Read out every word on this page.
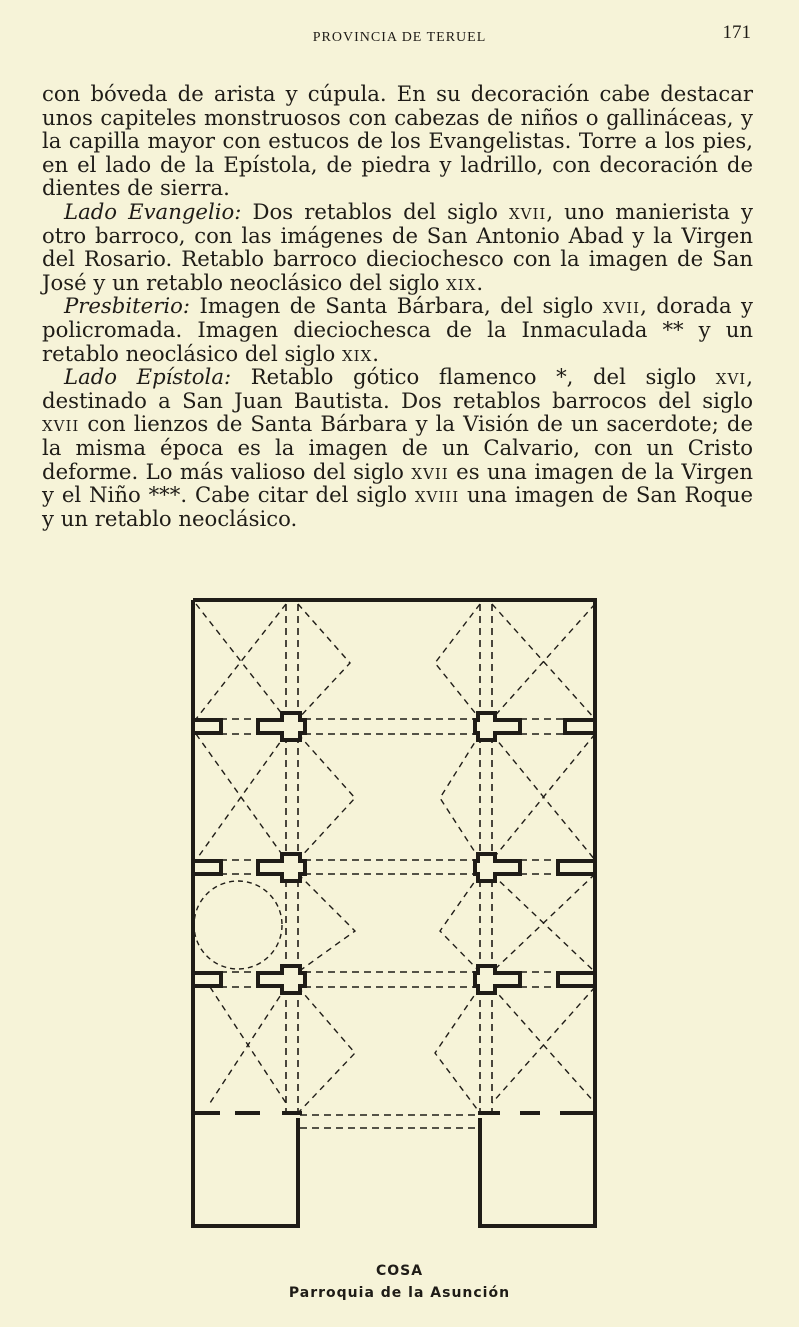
PROVINCIA DE TERUEL	171

con bóveda de arista y cúpula. En su decoración cabe destacar unos capiteles monstruosos con cabezas de niños o gallináceas, y la capilla mayor con estucos de los Evangelistas. Torre a los pies, en el lado de la Epístola, de piedra y ladrillo, con decoración de dientes de sierra.

Lado Evangelio: Dos retablos del siglo xvii, uno manierista y otro barroco, con las imágenes de San Antonio Abad y la Virgen del Rosario. Retablo barroco dieciochesco con la imagen de San José y un retablo neoclásico del siglo xix.

Presbiterio: Imagen de Santa Bárbara, del siglo xvii, dorada y policromada. Imagen dieciochesca de la Inmaculada ** y un retablo neoclásico del siglo xix.

Lado Epístola: Retablo gótico flamenco *, del siglo xvi, destinado a San Juan Bautista. Dos retablos barrocos del siglo xvii con lienzos de Santa Bárbara y la Visión de un sacerdote; de la misma época es la imagen de un Calvario, con un Cristo deforme. Lo más valioso del siglo xvii es una imagen de la Virgen y el Niño ***. Cabe citar del siglo xviii una imagen de San Roque y un retablo neoclásico.

COSA
Parroquia de la Asunción
